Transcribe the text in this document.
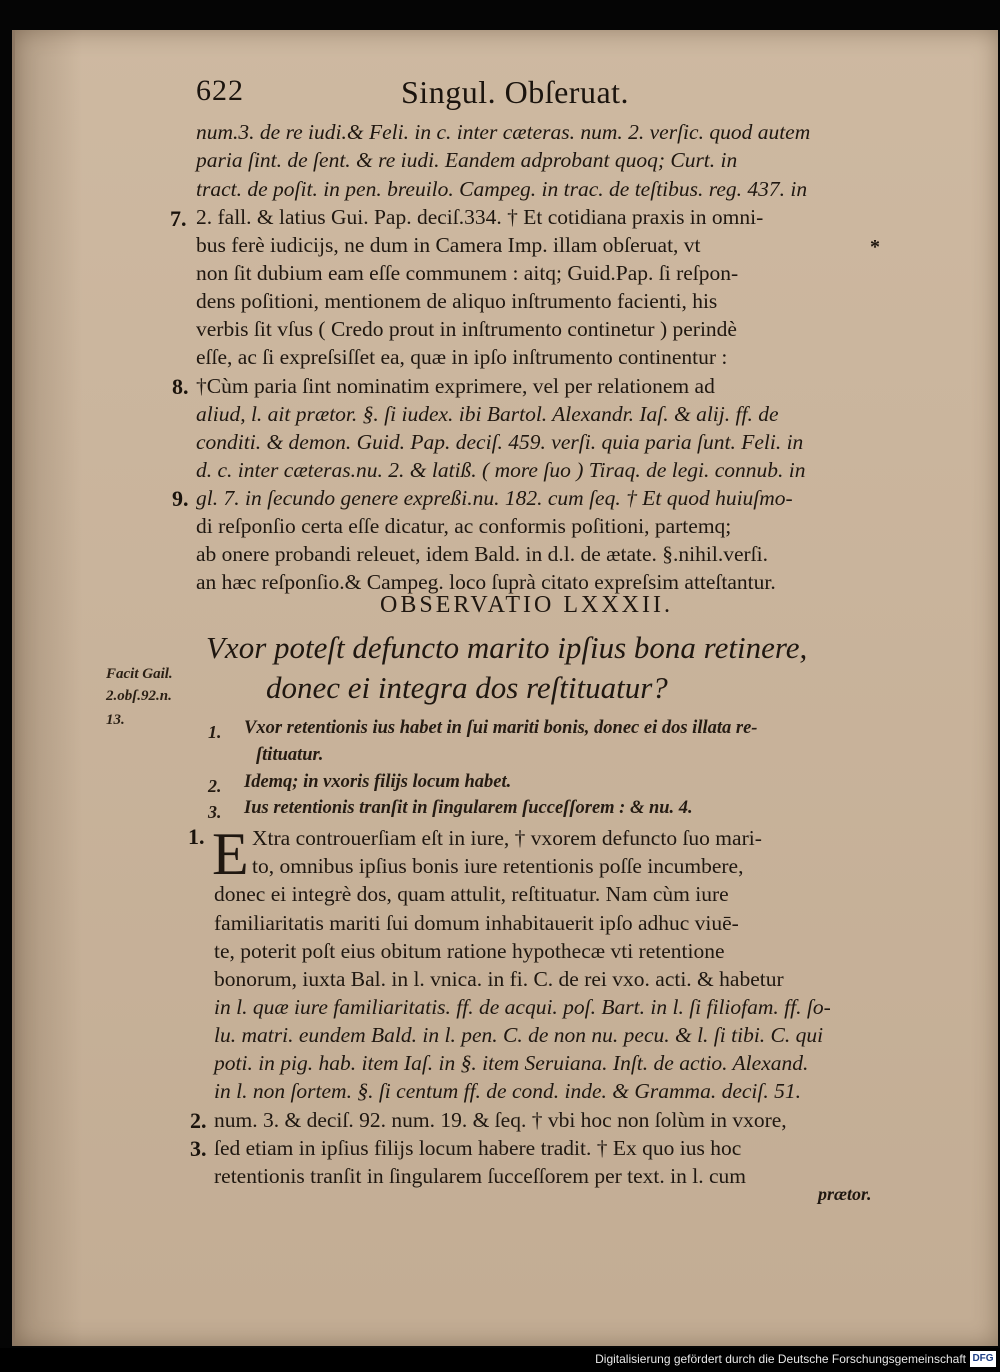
622	Singul. Obſeruat.
num.3. de re iudi.& Feli. in c. inter cæteras. num. 2. verſic. quod autem
paria ſint. de ſent. & re iudi. Eandem adprobant quoq; Curt. in
tract. de poſit. in pen. breuilo. Campeg. in trac. de teſtibus. reg. 437. in
2. fall. & latius Gui. Pap. deciſ.334. † Et cotidiana praxis in omni-
bus ferè iudicijs, ne dum in Camera Imp. illam obſeruat, vt
non ſit dubium eam eſſe communem : aitq; Guid.Pap. ſi reſpon-
dens poſitioni, mentionem de aliquo inſtrumento facienti, his
verbis ſit vſus ( Credo prout in inſtrumento continetur ) perindè
eſſe, ac ſi expreſsiſſet ea, quæ in ipſo inſtrumento continentur :
†Cùm paria ſint nominatim exprimere, vel per relationem ad
aliud, l. ait prætor. §. ſi iudex. ibi Bartol. Alexandr. Iaſ. & alij. ff. de
conditi. & demon. Guid. Pap. deciſ. 459. verſi. quia paria ſunt. Feli. in
d. c. inter cæteras.nu. 2. & latiß. ( more ſuo ) Tiraq. de legi. connub. in
gl. 7. in ſecundo genere expreßi.nu. 182. cum ſeq. † Et quod huiuſmo-
di reſponſio certa eſſe dicatur, ac conformis poſitioni, partemq;
ab onere probandi releuet, idem Bald. in d.l. de ætate. §.nihil.verſi.
an hæc reſponſio.& Campeg. loco ſuprà citato expreſsim atteſtantur.
7.
8.
9.
*
OBSERVATIO LXXXII.
Vxor poteſt defuncto marito ipſius bona retinere,
donec ei integra dos reſtituatur?
Facit Gail.
2.obſ.92.n.
13.
1. Vxor retentionis ius habet in ſui mariti bonis, donec ei dos illata re-
ſtituatur.
2. Idemq; in vxoris filijs locum habet.
3. Ius retentionis tranſit in ſingularem ſucceſſorem : & nu. 4.
1. E Xtra controuerſiam eſt in iure, † vxorem defuncto ſuo mari-
to, omnibus ipſius bonis iure retentionis poſſe incumbere,
donec ei integrè dos, quam attulit, reſtituatur. Nam cùm iure
familiaritatis mariti ſui domum inhabitauerit ipſo adhuc viuē-
te, poterit poſt eius obitum ratione hypothecæ vti retentione
bonorum, iuxta Bal. in l. vnica. in fi. C. de rei vxo. acti. & habetur
in l. quæ iure familiaritatis. ff. de acqui. poſ. Bart. in l. ſi filiofam. ff. ſo-
lu. matri. eundem Bald. in l. pen. C. de non nu. pecu. & l. ſi tibi. C. qui
poti. in pig. hab. item Iaſ. in §. item Seruiana. Inſt. de actio. Alexand.
in l. non ſortem. §. ſi centum ff. de cond. inde. & Gramma. deciſ. 51.
num. 3. & deciſ. 92. num. 19. & ſeq. † vbi hoc non ſolùm in vxore,
ſed etiam in ipſius filijs locum habere tradit. † Ex quo ius hoc
retentionis tranſit in ſingularem ſucceſſorem per text. in l. cum
2.
3.
prætor.
Digitalisierung gefördert durch die Deutsche Forschungsgemeinschaft DFG
